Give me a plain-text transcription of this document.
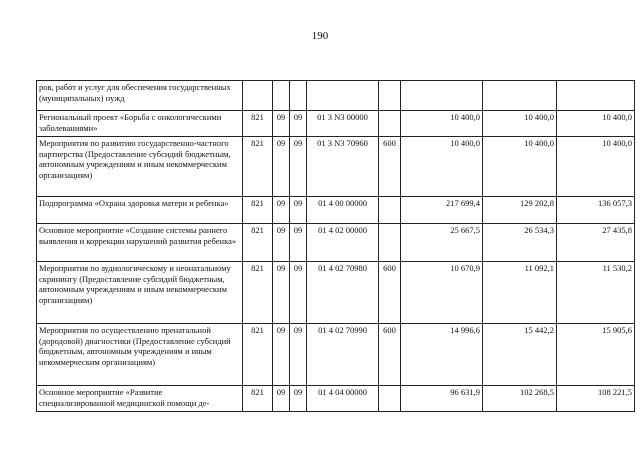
190
ров, работ и услуг для обеспечения государственных (муниципальных) нужд								
Региональный проект «Борьба с онкологическими заболеваниями»	821	09	09	01 3 N3 00000		10 400,0	10 400,0	10 400,0
Мероприятия по развитию государственно-частного партнерства (Предоставление субсидий бюджетным, автономным учреждениям и иным некоммерческим организациям)	821	09	09	01 3 N3 70960	600	10 400,0	10 400,0	10 400,0
Подпрограмма «Охрана здоровья матери и ребенка»	821	09	09	01 4 00 00000		217 699,4	129 202,8	136 057,3
Основное мероприятие «Создание системы раннего выявления и коррекции нарушений развития ребенка»	821	09	09	01 4 02 00000		25 667,5	26 534,3	27 435,8
Мероприятия по аудиологическому и неонатальному скринингу (Предоставление субсидий бюджетным, автономным учреждениям и иным некоммерческим организациям)	821	09	09	01 4 02 70980	600	10 670,9	11 092,1	11 530,2
Мероприятия по осуществлению пренатальной (дородовой) диагностики (Предоставление субсидий бюджетным, автономным учреждениям и иным некоммерческим организациям)	821	09	09	01 4 02 70990	600	14 996,6	15 442,2	15 905,6
Основное мероприятие «Развитие специализированной медицинской помощи де-	821	09	09	01 4 04 00000		96 631,9	102 268,5	108 221,5
